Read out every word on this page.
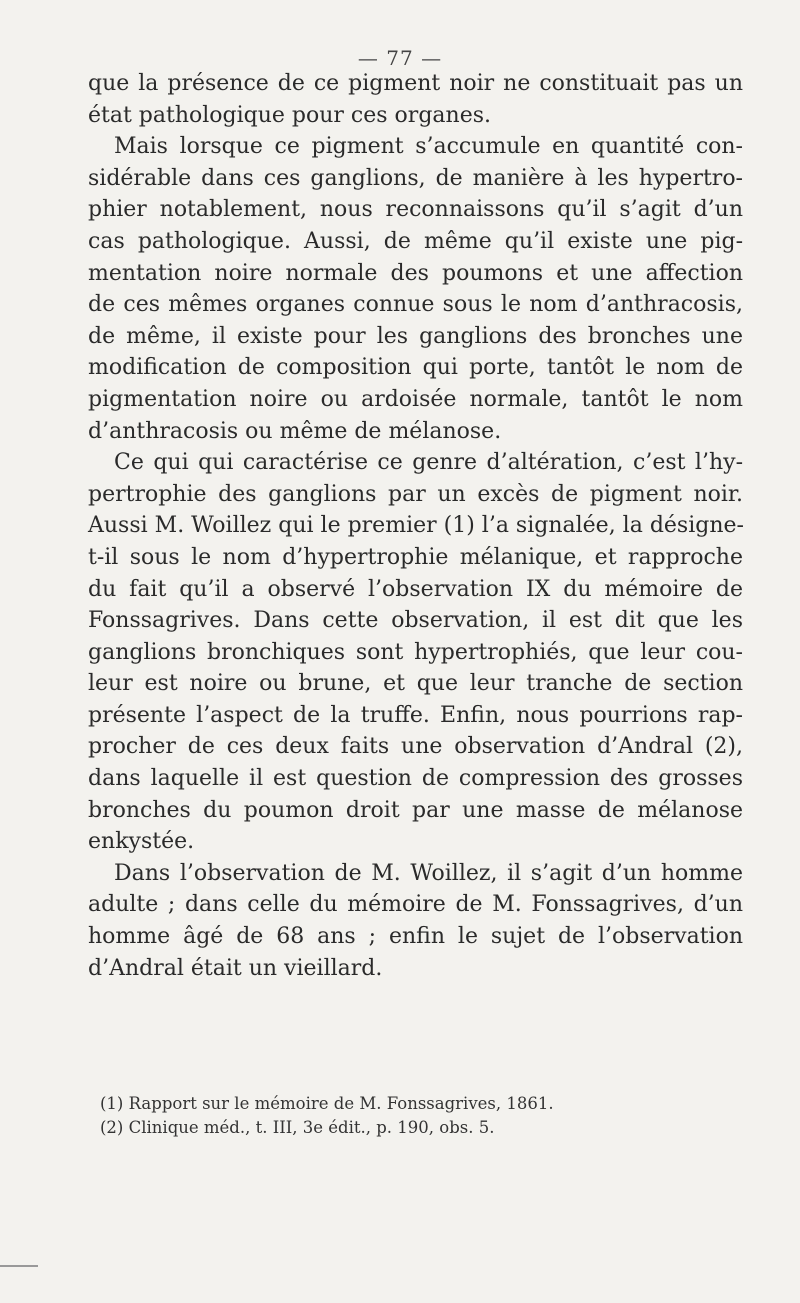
— 77 —
que la présence de ce pigment noir ne constituait pas un
état pathologique pour ces organes.
Mais lorsque ce pigment s’accumule en quantité con-
sidérable dans ces ganglions, de manière à les hypertro-
phier notablement, nous reconnaissons qu’il s’agit d’un
cas pathologique. Aussi, de même qu’il existe une pig-
mentation noire normale des poumons et une affection
de ces mêmes organes connue sous le nom d’anthracosis,
de même, il existe pour les ganglions des bronches une
modification de composition qui porte, tantôt le nom de
pigmentation noire ou ardoisée normale, tantôt le nom
d’anthracosis ou même de mélanose.
Ce qui qui caractérise ce genre d’altération, c’est l’hy-
pertrophie des ganglions par un excès de pigment noir.
Aussi M. Woillez qui le premier (1) l’a signalée, la désigne-
t-il sous le nom d’hypertrophie mélanique, et rapproche
du fait qu’il a observé l’observation IX du mémoire de
Fonssagrives. Dans cette observation, il est dit que les
ganglions bronchiques sont hypertrophiés, que leur cou-
leur est noire ou brune, et que leur tranche de section
présente l’aspect de la truffe. Enfin, nous pourrions rap-
procher de ces deux faits une observation d’Andral (2),
dans laquelle il est question de compression des grosses
bronches du poumon droit par une masse de mélanose
enkystée.
Dans l’observation de M. Woillez, il s’agit d’un homme
adulte ; dans celle du mémoire de M. Fonssagrives, d’un
homme âgé de 68 ans ; enfin le sujet de l’observation
d’Andral était un vieillard.
(1) Rapport sur le mémoire de M. Fonssagrives, 1861.
(2) Clinique méd., t. III, 3e édit., p. 190, obs. 5.
